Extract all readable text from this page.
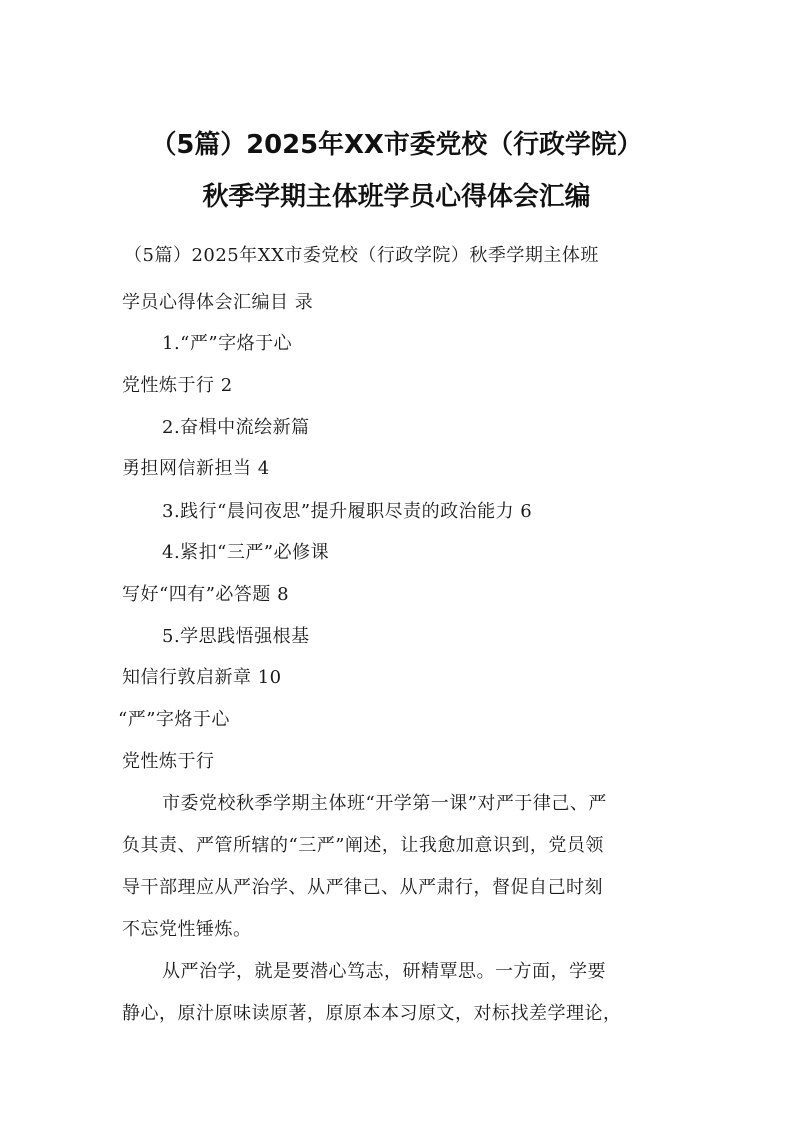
（5篇）2025年XX市委党校（行政学院）
秋季学期主体班学员心得体会汇编
（5篇）2025年XX市委党校（行政学院）秋季学期主体班
学员心得体会汇编目 录
1.“严”字烙于心
党性炼于行 2
2.奋楫中流绘新篇
勇担网信新担当 4
3.践行“晨问夜思”提升履职尽责的政治能力 6
4.紧扣“三严”必修课
写好“四有”必答题 8
5.学思践悟强根基
知信行敦启新章 10
“严”字烙于心
党性炼于行
市委党校秋季学期主体班“开学第一课”对严于律己、严
负其责、严管所辖的“三严”阐述，让我愈加意识到，党员领
导干部理应从严治学、从严律己、从严肃行，督促自己时刻
不忘党性锤炼。
从严治学，就是要潜心笃志，研精覃思。一方面，学要
静心，原汁原味读原著，原原本本习原文，对标找差学理论，
